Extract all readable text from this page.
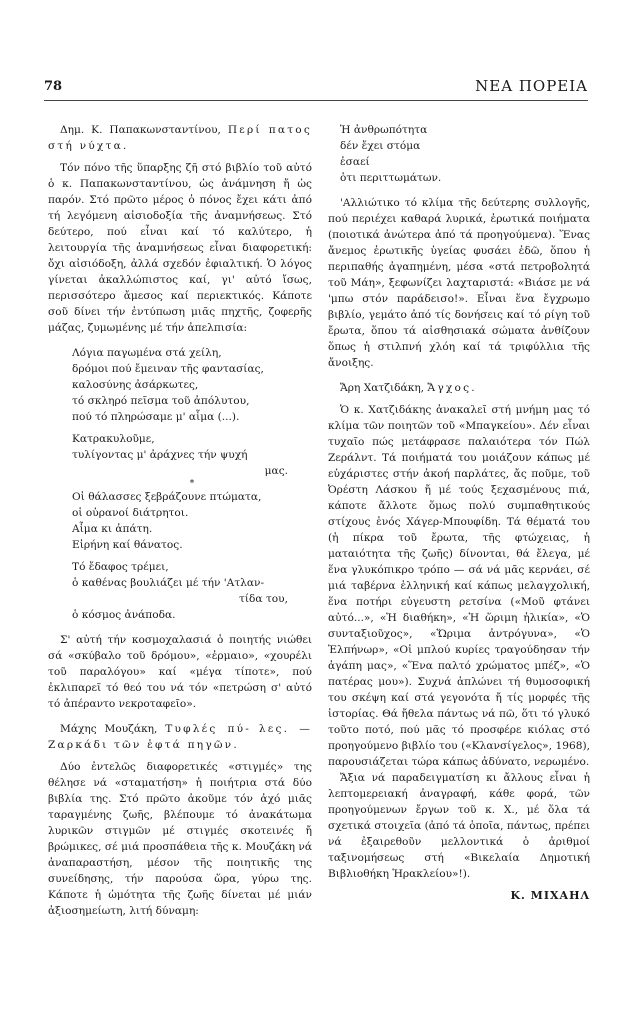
78	ΝΕΑ ΠΟΡΕΙΑ

Δημ. Κ. Παπακωνσταντίνου, Περί πατος στή νύχτα.

Τόν πόνο τῆς ὕπαρξης ζῆ στό βιβλίο τοῦ αὐτό ὁ κ. Παπακωνσταντίνου, ὡς ἀνάμνηση ἤ ὡς παρόν. Στό πρῶτο μέρος ὁ πόνος ἔχει κάτι ἀπό τή λεγόμενη αἰσιοδοξία τῆς ἀναμνήσεως. Στό δεύτερο, πού εἶναι καί τό καλύτερο, ἡ λειτουργία τῆς ἀναμνήσεως εἶναι διαφορετική: ὄχι αἰσιόδοξη, ἀλλά σχεδόν ἐφιαλτική. Ὁ λόγος γίνεται ἀκαλλώπιστος καί, γι' αὐτό ἴσως, περισσότερο ἄμεσος καί περιεκτικός. Κάποτε σοῦ δίνει τήν ἐντύπωση μιᾶς πηχτῆς, ζοφερῆς μάζας, ζυμωμένης μέ τήν ἀπελπισία:

Λόγια παγωμένα στά χείλη,
δρόμοι πού ἔμειναν τῆς φαντασίας,
καλοσύνης ἀσάρκωτες,
τό σκληρό πεῖσμα τοῦ ἀπόλυτου,
πού τό πληρώσαμε μ' αἷμα (...).
Κατρακυλοῦμε,
τυλίγοντας μ' ἀράχνες τήν ψυχή
μας.

*

Οἱ θάλασσες ξεβράζουνε πτώματα,
οἱ οὐρανοί διάτρητοι.
Αἷμα κι ἀπάτη.
Εἰρήνη καί θάνατος.
Τό ἔδαφος τρέμει,
ὁ καθένας βουλιάζει μέ τήν 'Ατλαν-
τίδα του,
ὁ κόσμος ἀνάποδα.

Σ' αὐτή τήν κοσμοχαλασιά ὁ ποιητής νιώθει σά «σκύβαλο τοῦ δρόμου», «ἐρμαιο», «χουρέλι τοῦ παραλόγου» καί «μέγα τίποτε», πού ἐκλιπαρεῖ τό θεό του νά τόν «πετρώση σ' αὐτό τό ἀπέραντο νεκροταφεῖο».

Μάχης Μουζάκη, Τυφλές πύ- λες. — Ζαρκάδι τῶν ἑφτά πηγῶν.

Δύο ἐντελῶς διαφορετικές «στιγμές» της θέλησε νά «σταματήση» ἡ ποιήτρια στά δύο βιβλία της. Στό πρῶτο ἀκοῦμε τόν ἀχό μιᾶς ταραγμένης ζωῆς, βλέπουμε τό ἀνακάτωμα λυρικῶν στιγμῶν μέ στιγμές σκοτεινές ἤ βρώμικες, σέ μιά προσπάθεια τῆς κ. Μουζάκη νά ἀναπαραστήση, μέσον τῆς ποιητικῆς της συνείδησης, τήν παρούσα ὥρα, γύρω της. Κάποτε ἡ ὠμότητα τῆς ζωῆς δίνεται μέ μιάν ἀξιοσημείωτη, λιτή δύναμη:

Ἡ ἀνθρωπότητα
δέν ἔχει στόμα
ἐσαεί
ὁτι περιττωμάτων.

'Αλλιώτικο τό κλίμα τῆς δεύτερης συλλογῆς, πού περιέχει καθαρά λυρικά, ἐρωτικά ποιήματα (ποιοτικά ἀνώτερα ἀπό τά προηγούμενα). Ἕνας ἄνεμος ἐρωτικῆς ὑγείας φυσάει ἐδῶ, ὅπου ἡ περιπαθής ἀγαπημένη, μέσα «στά πετροβολητά τοῦ Μάη», ξεφωνίζει λαχταριστά: «Βιάσε με νά 'μπω στόν παράδεισο!». Εἶναι ἕνα ἔγχρωμο βιβλίο, γεμάτο ἀπό τίς δονήσεις καί τό ρίγη τοῦ ἔρωτα, ὅπου τά αἰσθησιακά σώματα ἀνθίζουν ὅπως ἡ στιλπνή χλόη καί τά τριφύλλια τῆς ἄνοιξης.

Ἄρη Χατζιδάκη, Ἄγχος.

Ὁ κ. Χατζιδάκης ἀνακαλεῖ στή μνήμη μας τό κλίμα τῶν ποιητῶν τοῦ «Μπαγκείου». Δέν εἶναι τυχαῖο πώς μετάφρασε παλαιότερα τόν Πώλ Ζεράλντ. Τά ποιήματά του μοιάζουν κάπως μέ εὐχάριστες στήν ἀκοή παρλάτες, ἄς ποῦμε, τοῦ Ὀρέστη Λάσκου ἤ μέ τούς ξεχασμένους πιά, κάποτε ἄλλοτε ὅμως πολύ συμπαθητικούς στίχους ἑνός Χάγερ-Μπουφίδη. Τά θέματά του (ἡ πίκρα τοῦ ἔρωτα, τῆς φτώχειας, ἡ ματαιότητα τῆς ζωῆς) δίνονται, θά ἔλεγα, μέ ἕνα γλυκόπικρο τρόπο — σά νά μᾶς κερνάει, σέ μιά ταβέρνα ἑλληνική καί κάπως μελαγχολική, ἕνα ποτήρι εὐγευστη ρετσίνα («Μοῦ φτάνει αὐτό...», «Ἡ διαθήκη», «Ἡ ὥριμη ἡλικία», «Ὁ συνταξιοῦχος», «Ὥριμα ἀντρόγυνα», «Ὁ Ἐλπήνωρ», «Οἱ μπλού κυρίες τραγούδησαν τήν ἀγάπη μας», «Ἕνα παλτό χρώματος μπέζ», «Ὁ πατέρας μου»). Συχνά ἁπλώνει τή θυμοσοφική του σκέψη καί στά γεγονότα ἤ τίς μορφές τῆς ἱστορίας. Θά ἤθελα πάντως νά πῶ, ὅτι τό γλυκό τοῦτο ποτό, πού μᾶς τό προσφέρε κιόλας στό προηγούμενο βιβλίο του («Κλανσίγελος», 1968), παρουσιάζεται τώρα κάπως ἀδύνατο, νερωμένο.

Ἄξια νά παραδειγματίση κι ἄλλους εἶναι ἡ λεπτομερειακή ἀναγραφή, κάθε φορά, τῶν προηγούμενων ἔργων τοῦ κ. Χ., μέ ὅλα τά σχετικά στοιχεῖα (ἀπό τά ὁποῖα, πάντως, πρέπει νά ἐξαιρεθοῦν μελλοντικά ὁ ἀριθμοί ταξινομήσεως στή «Βικελαία Δημοτική Βιβλιοθήκη Ἡρακλείου»!).

Κ. ΜΙΧΑΗΛ
